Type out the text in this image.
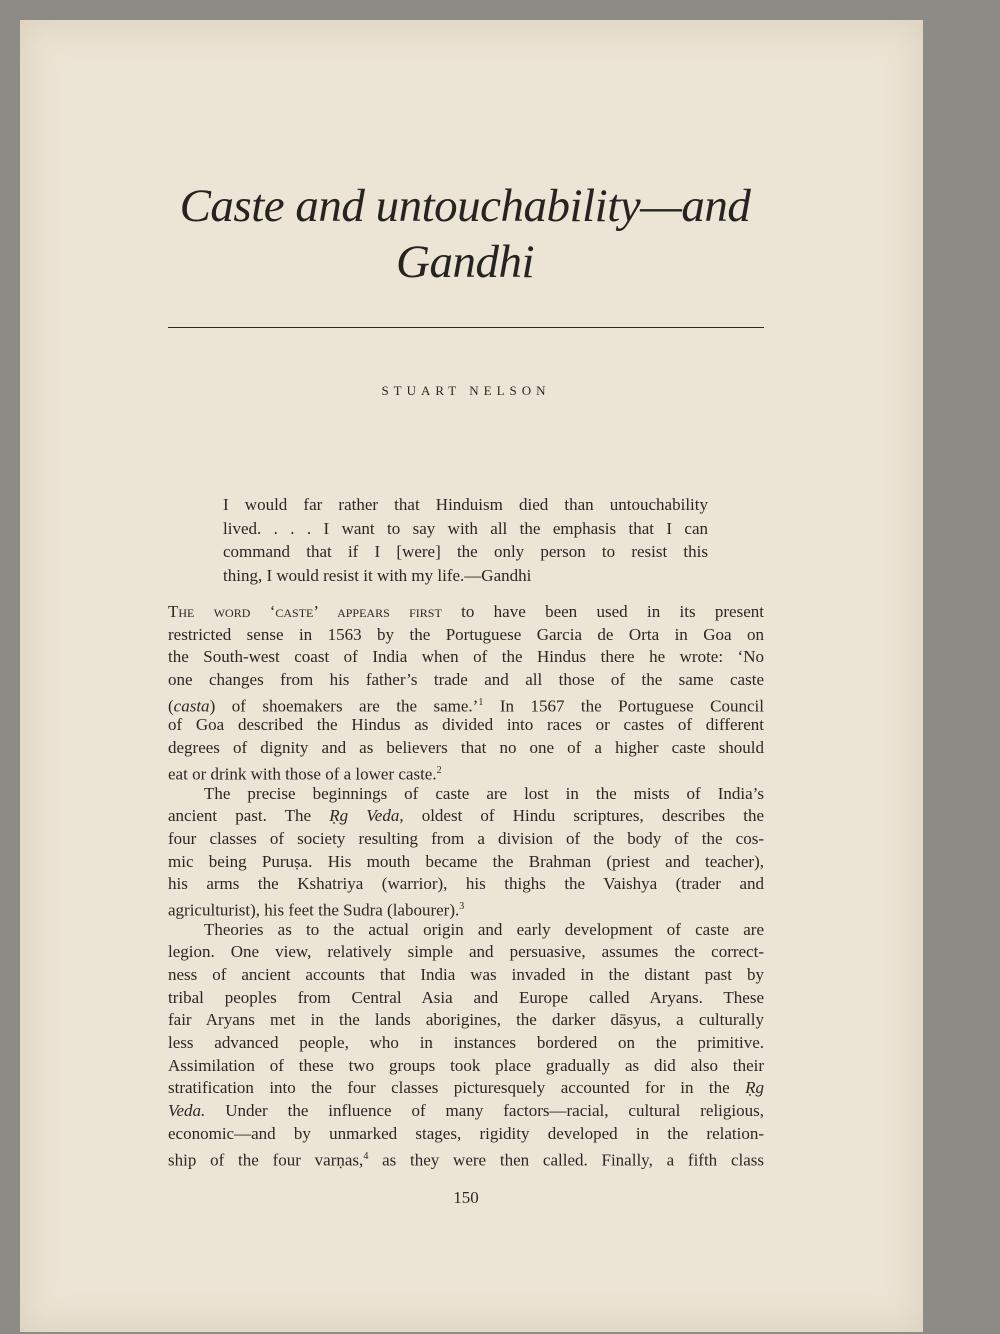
Caste and untouchability—and
Gandhi
STUART NELSON
I would far rather that Hinduism died than untouchability
lived. . . . I want to say with all the emphasis that I can
command that if I [were] the only person to resist this
thing, I would resist it with my life.—Gandhi
The word ‘caste’ appears first to have been used in its present
restricted sense in 1563 by the Portuguese Garcia de Orta in Goa on
the South-west coast of India when of the Hindus there he wrote: ‘No
one changes from his father’s trade and all those of the same caste
(casta) of shoemakers are the same.’$^1$ In 1567 the Portuguese Council
of Goa described the Hindus as divided into races or castes of different
degrees of dignity and as believers that no one of a higher caste should
eat or drink with those of a lower caste.$^2$
The precise beginnings of caste are lost in the mists of India’s
ancient past. The Ṛg Veda, oldest of Hindu scriptures, describes the
four classes of society resulting from a division of the body of the cos-
mic being Puruṣa. His mouth became the Brahman (priest and teacher),
his arms the Kshatriya (warrior), his thighs the Vaishya (trader and
agriculturist), his feet the Sudra (labourer).$^3$
Theories as to the actual origin and early development of caste are
legion. One view, relatively simple and persuasive, assumes the correct-
ness of ancient accounts that India was invaded in the distant past by
tribal peoples from Central Asia and Europe called Aryans. These
fair Aryans met in the lands aborigines, the darker dāsyus, a culturally
less advanced people, who in instances bordered on the primitive.
Assimilation of these two groups took place gradually as did also their
stratification into the four classes picturesquely accounted for in the Ṛg
Veda. Under the influence of many factors—racial, cultural religious,
economic—and by unmarked stages, rigidity developed in the relation-
ship of the four varṇas,$^4$ as they were then called. Finally, a fifth class
150
